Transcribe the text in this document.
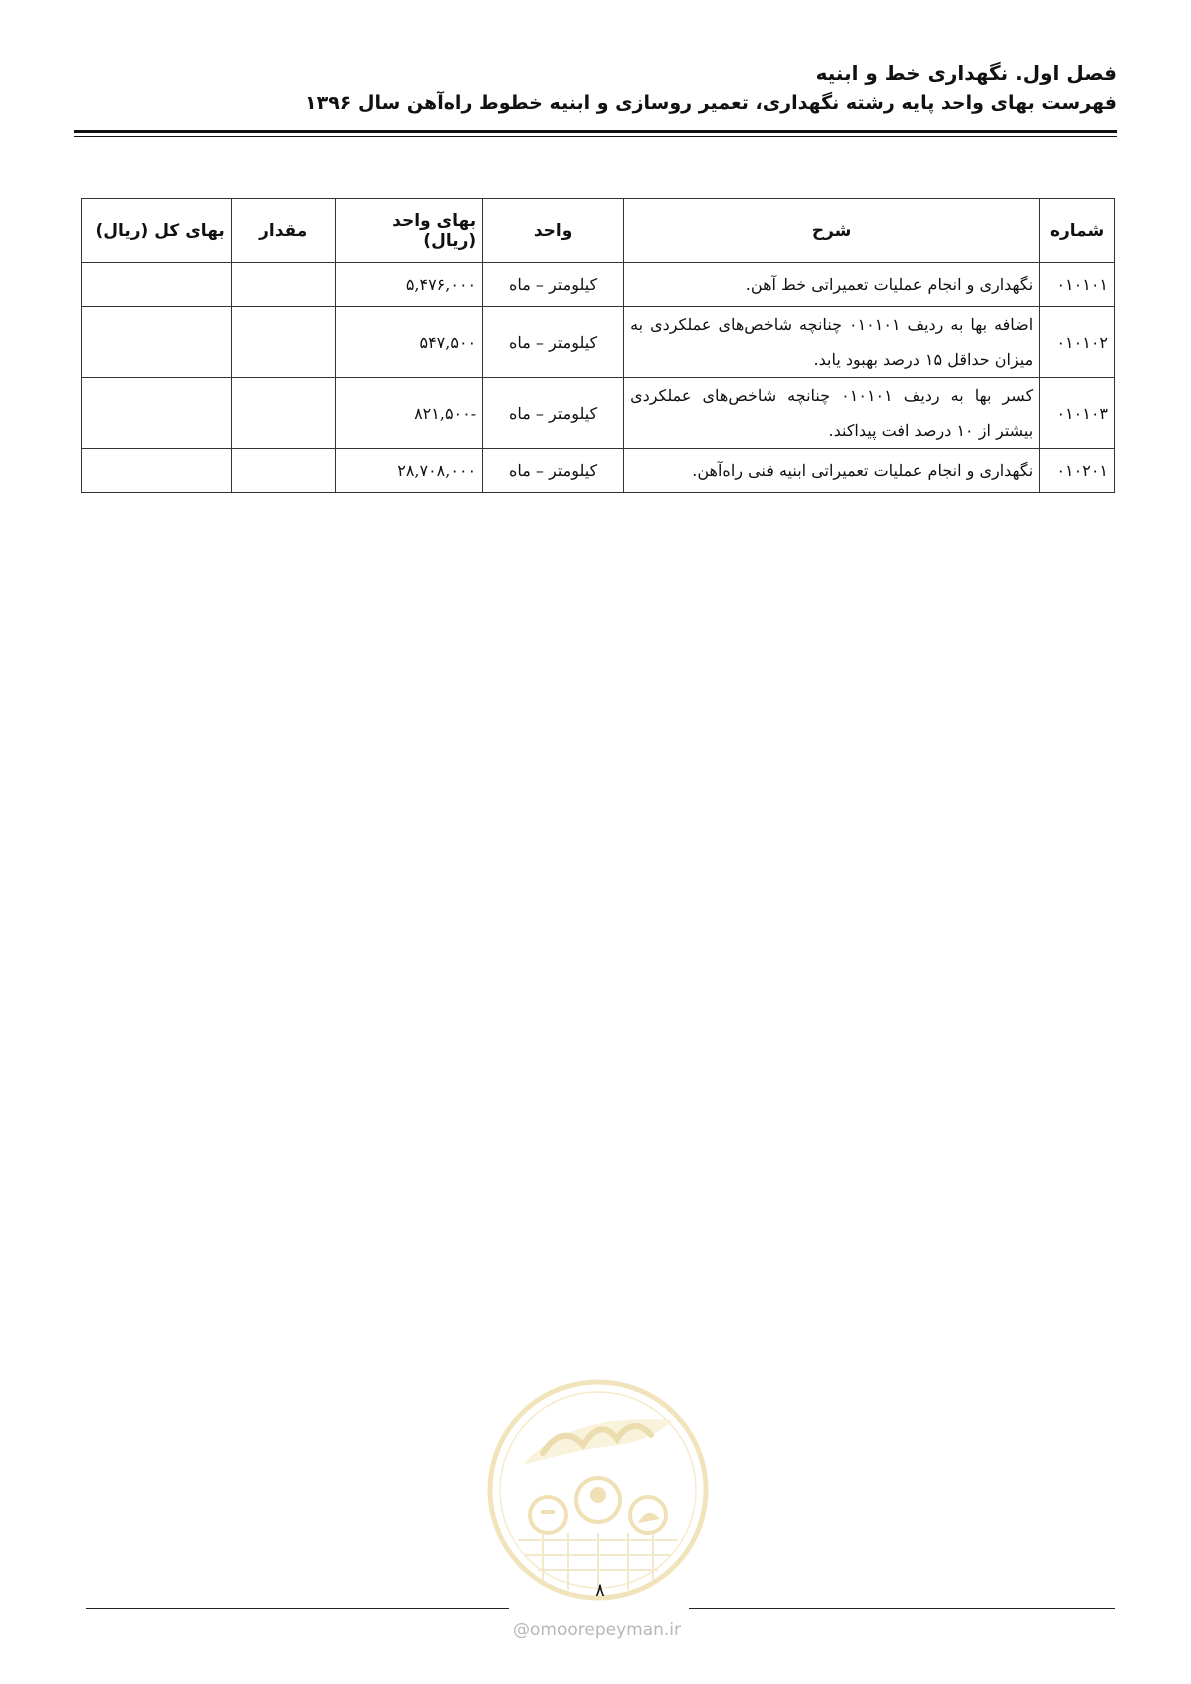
فصل اول. نگهداری خط و ابنیه
فهرست بهای واحد پایه رشته نگهداری، تعمیر روسازی و ابنیه خطوط راه‌آهن سال ۱۳۹۶
شماره	شرح	واحد	بهای واحد (ریال)	مقدار	بهای کل (ریال)
۰۱۰۱۰۱	نگهداری و انجام عملیات تعمیراتی خط آهن.	کیلومتر – ماه	۵,۴۷۶,۰۰۰		
۰۱۰۱۰۲	اضافه بها به ردیف ۰۱۰۱۰۱ چنانچه شاخص‌های عملکردی به میزان حداقل ۱۵ درصد بهبود یابد.	کیلومتر – ماه	۵۴۷,۵۰۰		
۰۱۰۱۰۳	کسر بها به ردیف ۰۱۰۱۰۱ چنانچه شاخص‌های عملکردی بیشتر از ۱۰ درصد افت پیداکند.	کیلومتر – ماه	-۸۲۱,۵۰۰		
۰۱۰۲۰۱	نگهداری و انجام عملیات تعمیراتی ابنیه فنی راه‌آهن.	کیلومتر – ماه	۲۸,۷۰۸,۰۰۰		
۸
@omoorepeyman.ir
